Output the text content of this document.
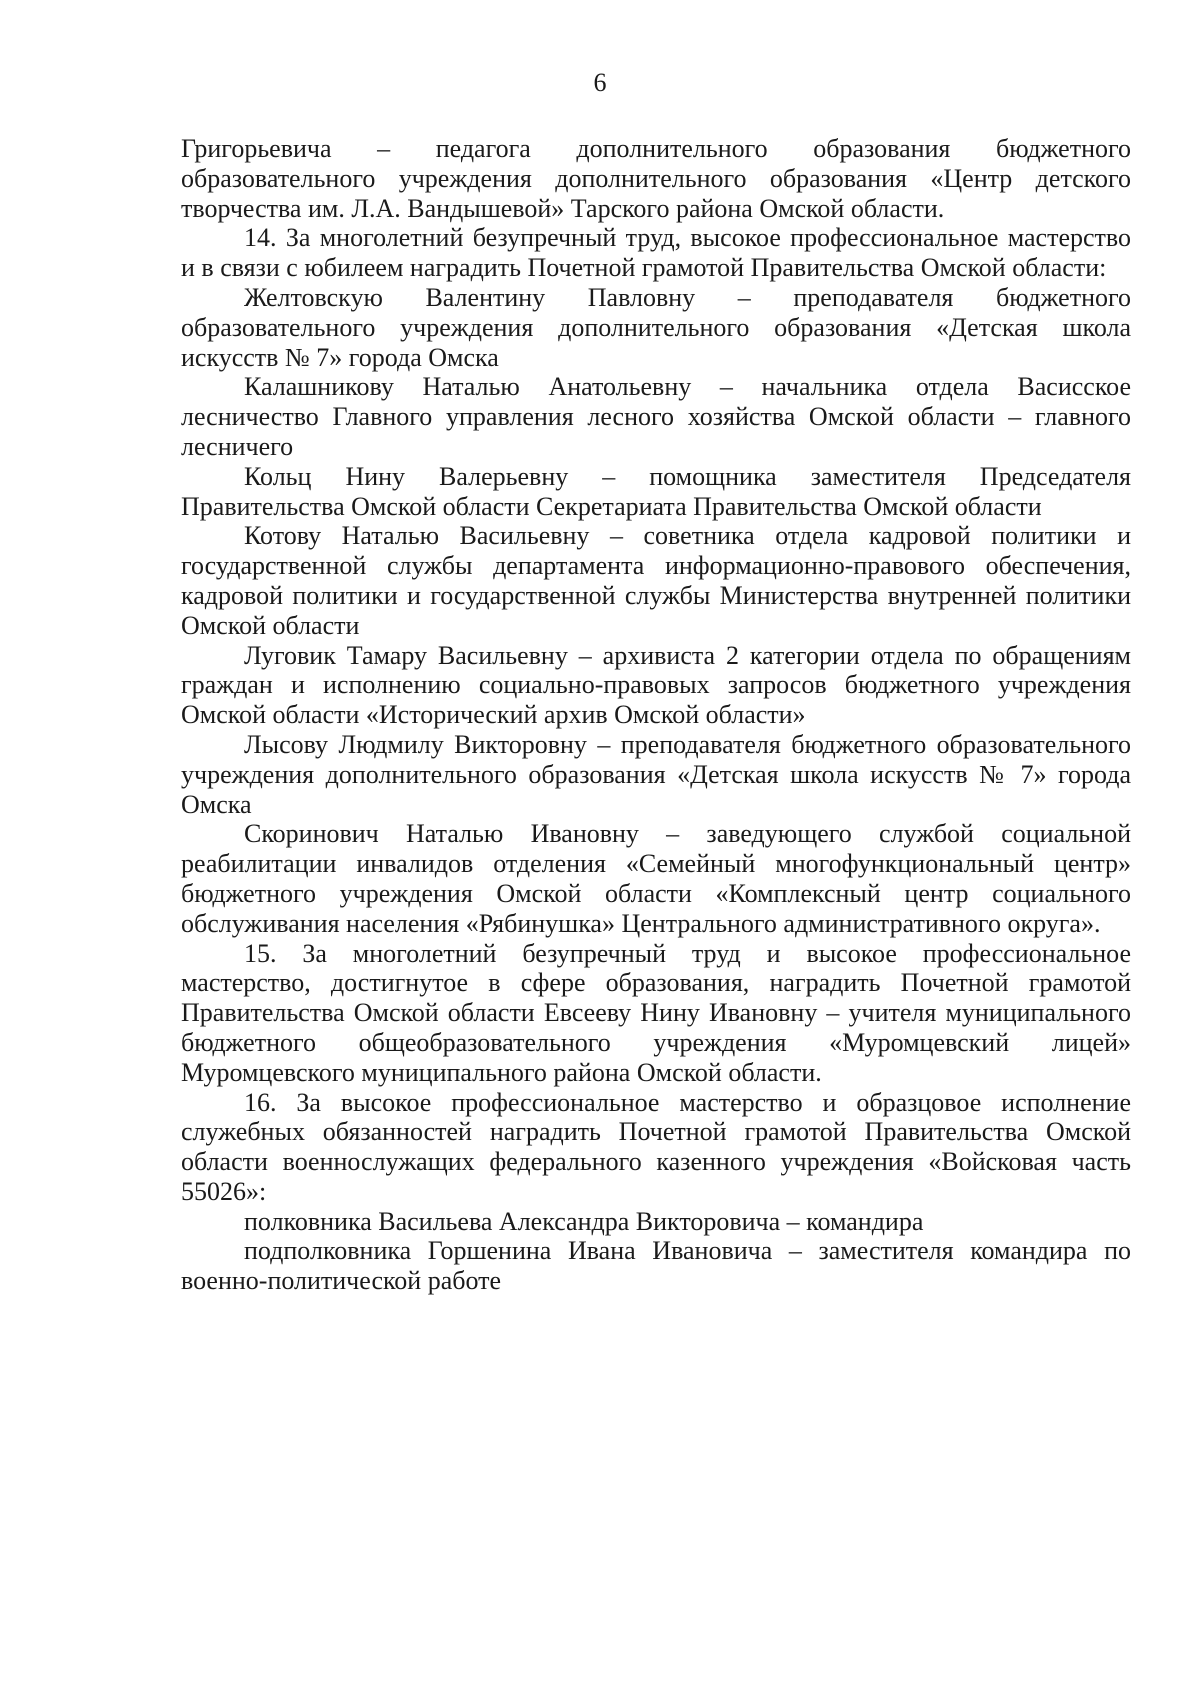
6

Григорьевича – педагога дополнительного образования бюджетного образовательного учреждения дополнительного образования «Центр детского творчества им. Л.А. Вандышевой» Тарского района Омской области.

14. За многолетний безупречный труд, высокое профессиональное мастерство и в связи с юбилеем наградить Почетной грамотой Правительства Омской области:

Желтовскую Валентину Павловну – преподавателя бюджетного образовательного учреждения дополнительного образования «Детская школа искусств № 7» города Омска

Калашникову Наталью Анатольевну – начальника отдела Васисское лесничество Главного управления лесного хозяйства Омской области – главного лесничего

Кольц Нину Валерьевну – помощника заместителя Председателя Правительства Омской области Секретариата Правительства Омской области

Котову Наталью Васильевну – советника отдела кадровой политики и государственной службы департамента информационно-правового обеспечения, кадровой политики и государственной службы Министерства внутренней политики Омской области

Луговик Тамару Васильевну – архивиста 2 категории отдела по обращениям граждан и исполнению социально-правовых запросов бюджетного учреждения Омской области «Исторический архив Омской области»

Лысову Людмилу Викторовну – преподавателя бюджетного образовательного учреждения дополнительного образования «Детская школа искусств № 7» города Омска

Скоринович Наталью Ивановну – заведующего службой социальной реабилитации инвалидов отделения «Семейный многофункциональный центр» бюджетного учреждения Омской области «Комплексный центр социального обслуживания населения «Рябинушка» Центрального административного округа».

15. За многолетний безупречный труд и высокое профессиональное мастерство, достигнутое в сфере образования, наградить Почетной грамотой Правительства Омской области Евсееву Нину Ивановну – учителя муниципального бюджетного общеобразовательного учреждения «Муромцевский лицей» Муромцевского муниципального района Омской области.

16. За высокое профессиональное мастерство и образцовое исполнение служебных обязанностей наградить Почетной грамотой Правительства Омской области военнослужащих федерального казенного учреждения «Войсковая часть 55026»:

полковника Васильева Александра Викторовича – командира

подполковника Горшенина Ивана Ивановича – заместителя командира по военно-политической работе
